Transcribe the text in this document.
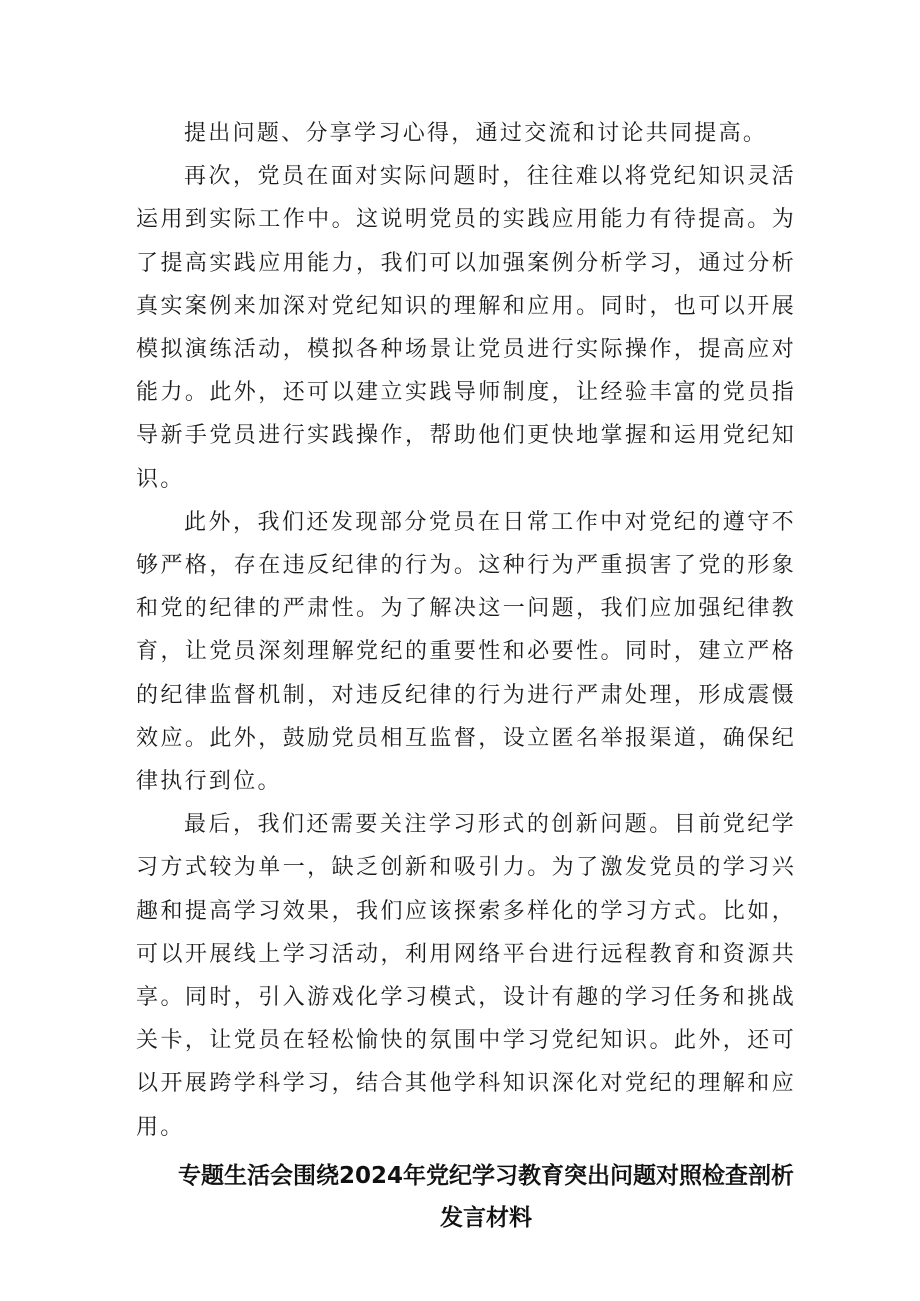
提出问题、分享学习心得，通过交流和讨论共同提高。

再次，党员在面对实际问题时，往往难以将党纪知识灵活运用到实际工作中。这说明党员的实践应用能力有待提高。为了提高实践应用能力，我们可以加强案例分析学习，通过分析真实案例来加深对党纪知识的理解和应用。同时，也可以开展模拟演练活动，模拟各种场景让党员进行实际操作，提高应对能力。此外，还可以建立实践导师制度，让经验丰富的党员指导新手党员进行实践操作，帮助他们更快地掌握和运用党纪知识。

此外，我们还发现部分党员在日常工作中对党纪的遵守不够严格，存在违反纪律的行为。这种行为严重损害了党的形象和党的纪律的严肃性。为了解决这一问题，我们应加强纪律教育，让党员深刻理解党纪的重要性和必要性。同时，建立严格的纪律监督机制，对违反纪律的行为进行严肃处理，形成震慑效应。此外，鼓励党员相互监督，设立匿名举报渠道，确保纪律执行到位。

最后，我们还需要关注学习形式的创新问题。目前党纪学习方式较为单一，缺乏创新和吸引力。为了激发党员的学习兴趣和提高学习效果，我们应该探索多样化的学习方式。比如，可以开展线上学习活动，利用网络平台进行远程教育和资源共享。同时，引入游戏化学习模式，设计有趣的学习任务和挑战关卡，让党员在轻松愉快的氛围中学习党纪知识。此外，还可以开展跨学科学习，结合其他学科知识深化对党纪的理解和应用。

专题生活会围绕2024年党纪学习教育突出问题对照检查剖析
发言材料
